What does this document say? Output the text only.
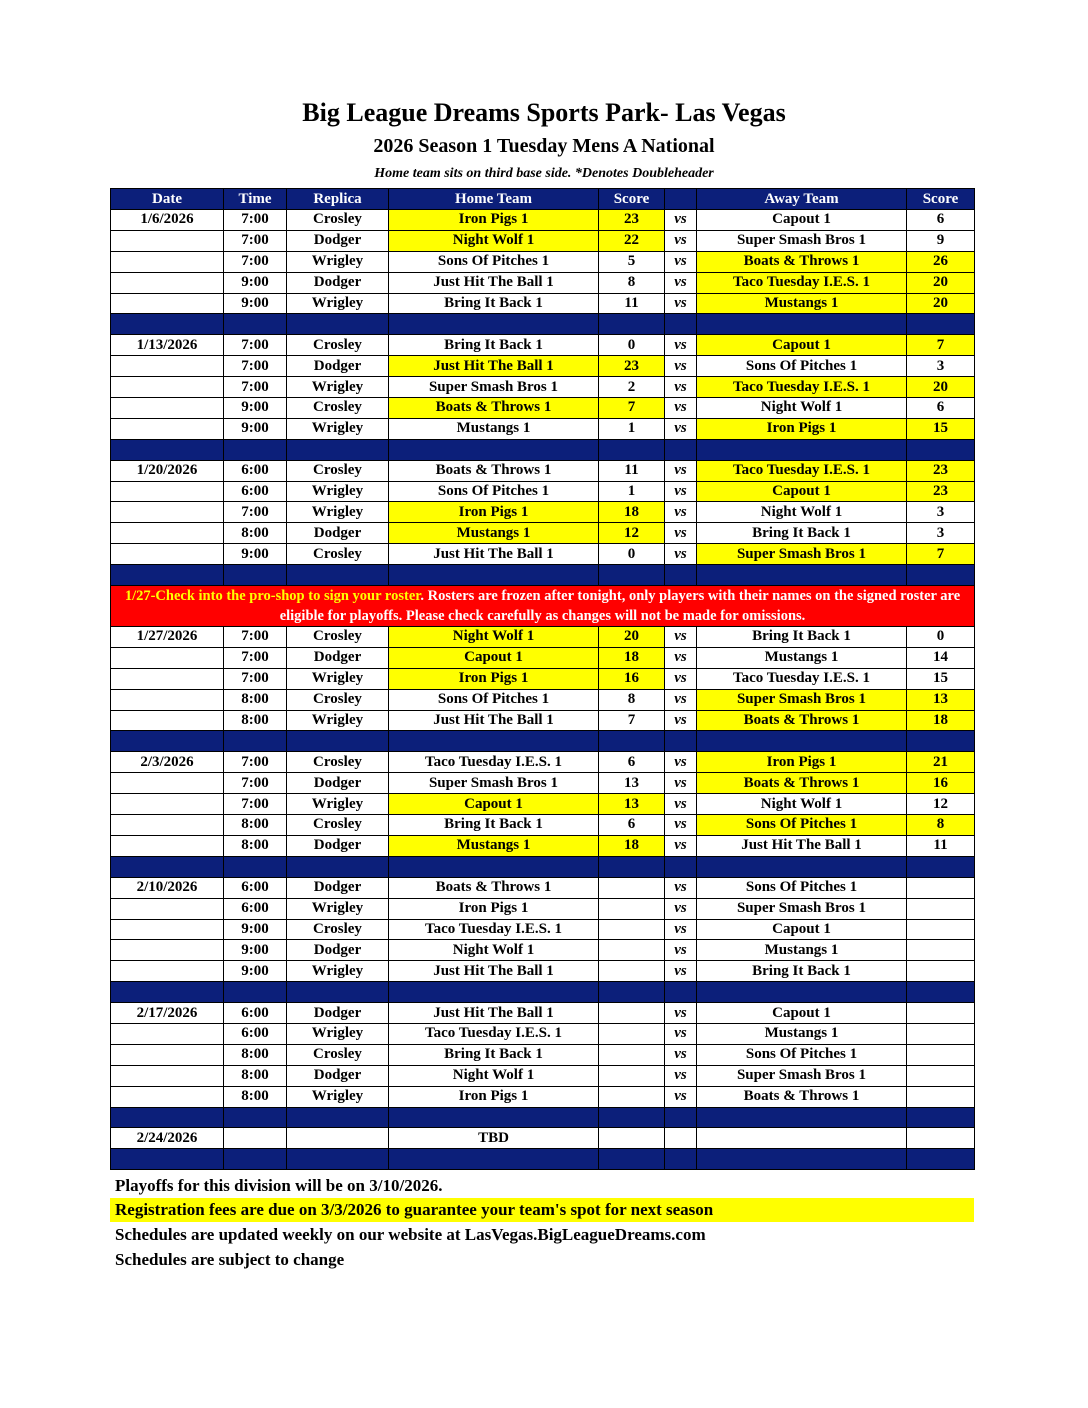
Big League Dreams Sports Park- Las Vegas
2026 Season 1 Tuesday Mens A National
Home team sits on third base side. *Denotes Doubleheader
Date	Time	Replica	Home Team	Score		Away Team	Score
1/6/2026	7:00	Crosley	Iron Pigs 1	23	vs	Capout 1	6
	7:00	Dodger	Night Wolf 1	22	vs	Super Smash Bros 1	9
	7:00	Wrigley	Sons Of Pitches 1	5	vs	Boats & Throws 1	26
	9:00	Dodger	Just Hit The Ball 1	8	vs	Taco Tuesday I.E.S. 1	20
	9:00	Wrigley	Bring It Back 1	11	vs	Mustangs 1	20

1/13/2026	7:00	Crosley	Bring It Back 1	0	vs	Capout 1	7
	7:00	Dodger	Just Hit The Ball 1	23	vs	Sons Of Pitches 1	3
	7:00	Wrigley	Super Smash Bros 1	2	vs	Taco Tuesday I.E.S. 1	20
	9:00	Crosley	Boats & Throws 1	7	vs	Night Wolf 1	6
	9:00	Wrigley	Mustangs 1	1	vs	Iron Pigs 1	15

1/20/2026	6:00	Crosley	Boats & Throws 1	11	vs	Taco Tuesday I.E.S. 1	23
	6:00	Wrigley	Sons Of Pitches 1	1	vs	Capout 1	23
	7:00	Wrigley	Iron Pigs 1	18	vs	Night Wolf 1	3
	8:00	Dodger	Mustangs 1	12	vs	Bring It Back 1	3
	9:00	Crosley	Just Hit The Ball 1	0	vs	Super Smash Bros 1	7

1/27-Check into the pro-shop to sign your roster. Rosters are frozen after tonight, only players with their names on the signed roster are eligible for playoffs. Please check carefully as changes will not be made for omissions.							
1/27/2026	7:00	Crosley	Night Wolf 1	20	vs	Bring It Back 1	0
	7:00	Dodger	Capout 1	18	vs	Mustangs 1	14
	7:00	Wrigley	Iron Pigs 1	16	vs	Taco Tuesday I.E.S. 1	15
	8:00	Crosley	Sons Of Pitches 1	8	vs	Super Smash Bros 1	13
	8:00	Wrigley	Just Hit The Ball 1	7	vs	Boats & Throws 1	18

2/3/2026	7:00	Crosley	Taco Tuesday I.E.S. 1	6	vs	Iron Pigs 1	21
	7:00	Dodger	Super Smash Bros 1	13	vs	Boats & Throws 1	16
	7:00	Wrigley	Capout 1	13	vs	Night Wolf 1	12
	8:00	Crosley	Bring It Back 1	6	vs	Sons Of Pitches 1	8
	8:00	Dodger	Mustangs 1	18	vs	Just Hit The Ball 1	11

2/10/2026	6:00	Dodger	Boats & Throws 1		vs	Sons Of Pitches 1	
	6:00	Wrigley	Iron Pigs 1		vs	Super Smash Bros 1	
	9:00	Crosley	Taco Tuesday I.E.S. 1		vs	Capout 1	
	9:00	Dodger	Night Wolf 1		vs	Mustangs 1	
	9:00	Wrigley	Just Hit The Ball 1		vs	Bring It Back 1	

2/17/2026	6:00	Dodger	Just Hit The Ball 1		vs	Capout 1	
	6:00	Wrigley	Taco Tuesday I.E.S. 1		vs	Mustangs 1	
	8:00	Crosley	Bring It Back 1		vs	Sons Of Pitches 1	
	8:00	Dodger	Night Wolf 1		vs	Super Smash Bros 1	
	8:00	Wrigley	Iron Pigs 1		vs	Boats & Throws 1	

2/24/2026			TBD				

Playoffs for this division will be on 3/10/2026.
Registration fees are due on 3/3/2026 to guarantee your team's spot for next season
Schedules are updated weekly on our website at LasVegas.BigLeagueDreams.com
Schedules are subject to change
